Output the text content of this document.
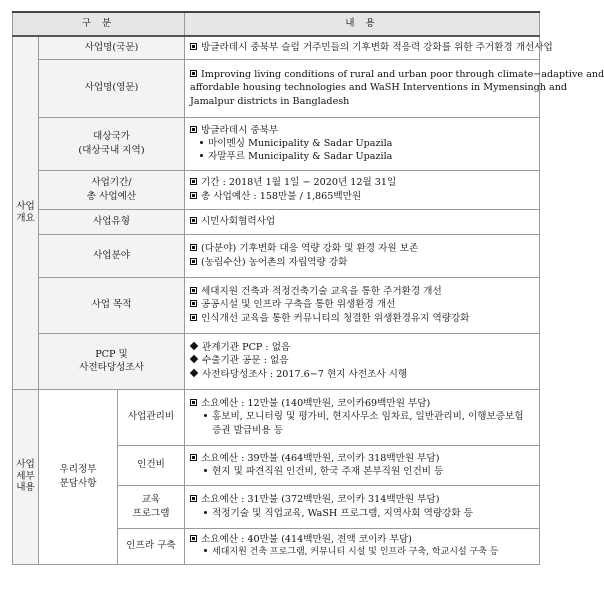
구 분			내 용

사업
개요	사업명(국문)		방글라데시 중북부 슬럼 거주민들의 기후변화 적응력 강화를 위한 주거환경 개선사업

	사업명(영문)		Improving living conditions of rural and urban poor through climate−adaptive and
affordable housing technologies and WaSH Interventions in Mymensingh and
Jamalpur districts in Bangladesh

	대상국가
(대상국내 지역)		방글라데시 중북부
마이멘싱 Municipality & Sadar Upazila
자말푸르 Municipality & Sadar Upazila

	사업기간/
총 사업예산		기간 : 2018년 1월 1일 − 2020년 12월 31일
총 사업예산 : 158만불 / 1,865백만원

	사업유형		시민사회협력사업

	사업분야		(다분야) 기후변화 대응 역량 강화 및 환경 자원 보존
(농림수산) 농어촌의 자립역량 강화

	사업 목적		세대지원 건축과 적정건축기술 교육을 통한 주거환경 개선
공공시설 및 인프라 구축을 통한 위생환경 개선
인식개선 교육을 통한 커뮤니티의 청결한 위생환경유지 역량강화

	PCP 및
사전타당성조사		관계기관 PCP : 없음
수출기관 공문 : 없음
사전타당성조사 : 2017.6−7 현지 사전조사 시행

사업
세부
내용	우리정부
분담사항	사업관리비	소요예산 : 12만불 (140백만원, 코이카69백만원 부담)
홍보비, 모니터링 및 평가비, 현지사무소 임차료, 일반관리비, 이행보증보험
증권 발급비용 등

		인건비	소요예산 : 39만불 (464백만원, 코이카 318백만원 부담)
현지 및 파견직원 인건비, 한국 주재 본부직원 인건비 등

		교육
프로그램	소요예산 : 31만불 (372백만원, 코이카 314백만원 부담)
적정기술 및 직업교육, WaSH 프로그램, 지역사회 역량강화 등

		인프라 구축	소요예산 : 40만불 (414백만원, 전액 코이카 부담)
세대지원 건축 프로그램, 커뮤니티 시설 및 인프라 구축, 학교시설 구축 등
